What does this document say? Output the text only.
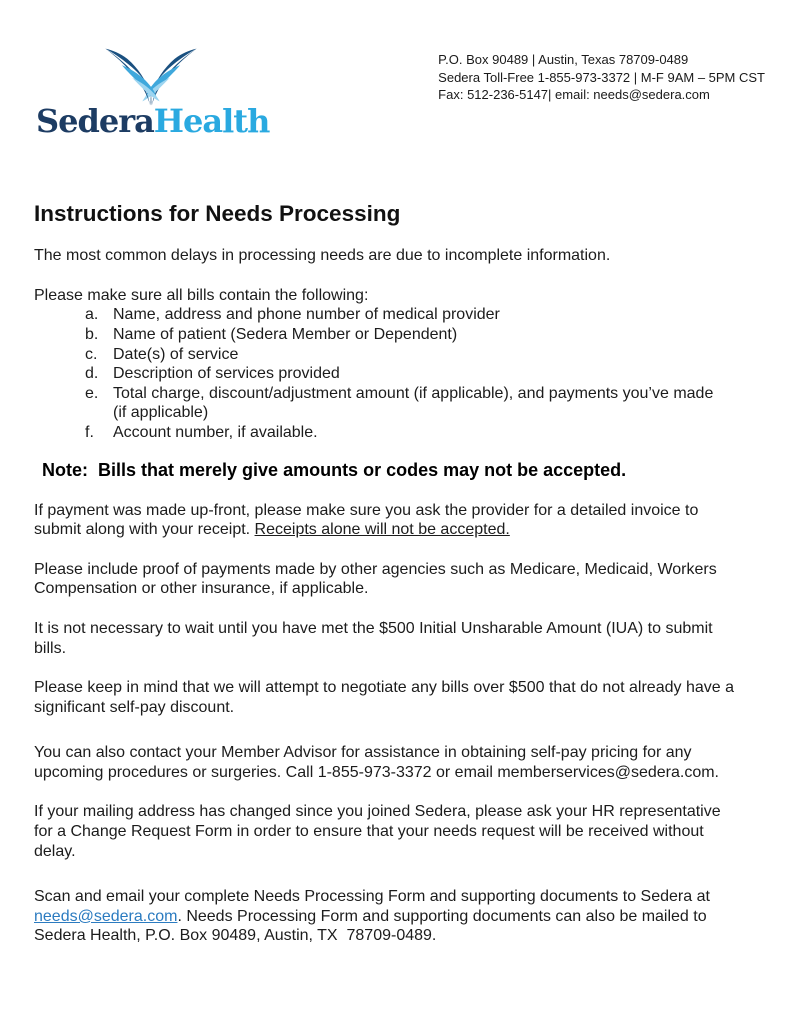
SederaHealth
P.O. Box 90489 | Austin, Texas 78709-0489
Sedera Toll-Free 1-855-973-3372 | M-F 9AM – 5PM CST
Fax: 512-236-5147| email: needs@sedera.com
Instructions for Needs Processing

The most common delays in processing needs are due to incomplete information.

Please make sure all bills contain the following:

a. Name, address and phone number of medical provider
b. Name of patient (Sedera Member or Dependent)
c. Date(s) of service
d. Description of services provided
e. Total charge, discount/adjustment amount (if applicable), and payments you’ve made (if applicable)
f.	Account number, if available.

Note:  Bills that merely give amounts or codes may not be accepted.

If payment was made up-front, please make sure you ask the provider for a detailed invoice to submit along with your receipt. Receipts alone will not be accepted.

Please include proof of payments made by other agencies such as Medicare, Medicaid, Workers Compensation or other insurance, if applicable.

It is not necessary to wait until you have met the $500 Initial Unsharable Amount (IUA) to submit bills.

Please keep in mind that we will attempt to negotiate any bills over $500 that do not already have a significant self-pay discount.

You can also contact your Member Advisor for assistance in obtaining self-pay pricing for any upcoming procedures or surgeries. Call 1-855-973-3372 or email memberservices@sedera.com.

If your mailing address has changed since you joined Sedera, please ask your HR representative for a Change Request Form in order to ensure that your needs request will be received without delay.

Scan and email your complete Needs Processing Form and supporting documents to Sedera at needs@sedera.com. Needs Processing Form and supporting documents can also be mailed to Sedera Health, P.O. Box 90489, Austin, TX  78709-0489.
